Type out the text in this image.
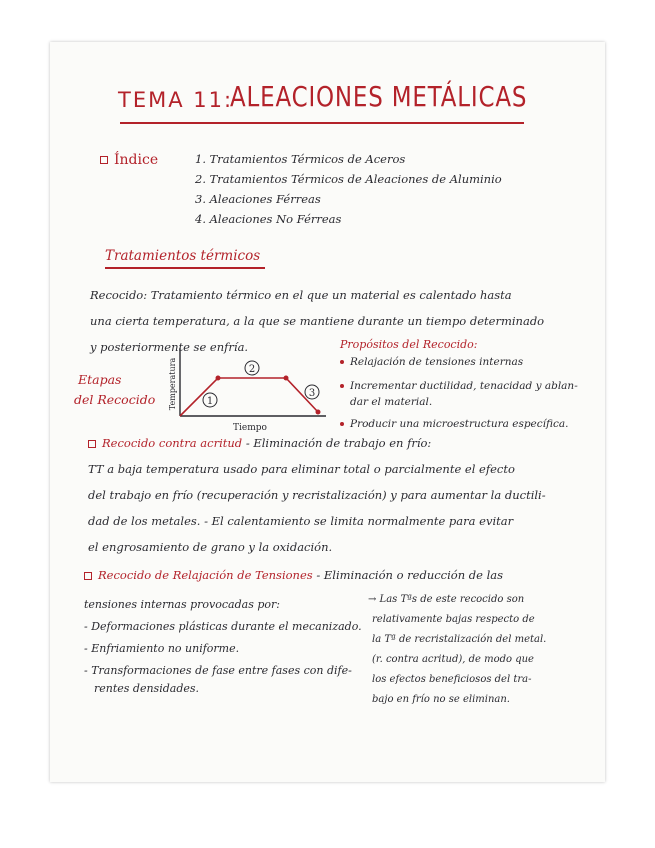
TEMA 11:
ALEACIONES METÁLICAS
Índice	1. Tratamientos Térmicos de Aceros
2. Tratamientos Térmicos de Aleaciones de Aluminio
3. Aleaciones Férreas
4. Aleaciones No Férreas
Tratamientos térmicos
Recocido: Tratamiento térmico en el que un material es calentado hasta
una cierta temperatura, a la que se mantiene durante un tiempo determinado
y posteriormente se enfría.
Etapas
del Recocido	1
2
3
Temperatura
Tiempo
Propósitos del Recocido:
Relajación de tensiones internas
Incrementar ductilidad, tenacidad y ablan-
dar el material.
Producir una microestructura específica.
Recocido contra acritud - Eliminación de trabajo en frío:
TT a baja temperatura usado para eliminar total o parcialmente el efecto
del trabajo en frío (recuperación y recristalización) y para aumentar la ductili-
dad de los metales. - El calentamiento se limita normalmente para evitar
el engrosamiento de grano y la oxidación.
Recocido de Relajación de Tensiones - Eliminación o reducción de las
tensiones internas provocadas por:
- Deformaciones plásticas durante el mecanizado.
- Enfriamiento no uniforme.
- Transformaciones de fase entre fases con dife-
rentes densidades.
→ Las Tªs de este recocido son
relativamente bajas respecto de
la Tª de recristalización del metal.
(r. contra acritud), de modo que
los efectos beneficiosos del tra-
bajo en frío no se eliminan.
